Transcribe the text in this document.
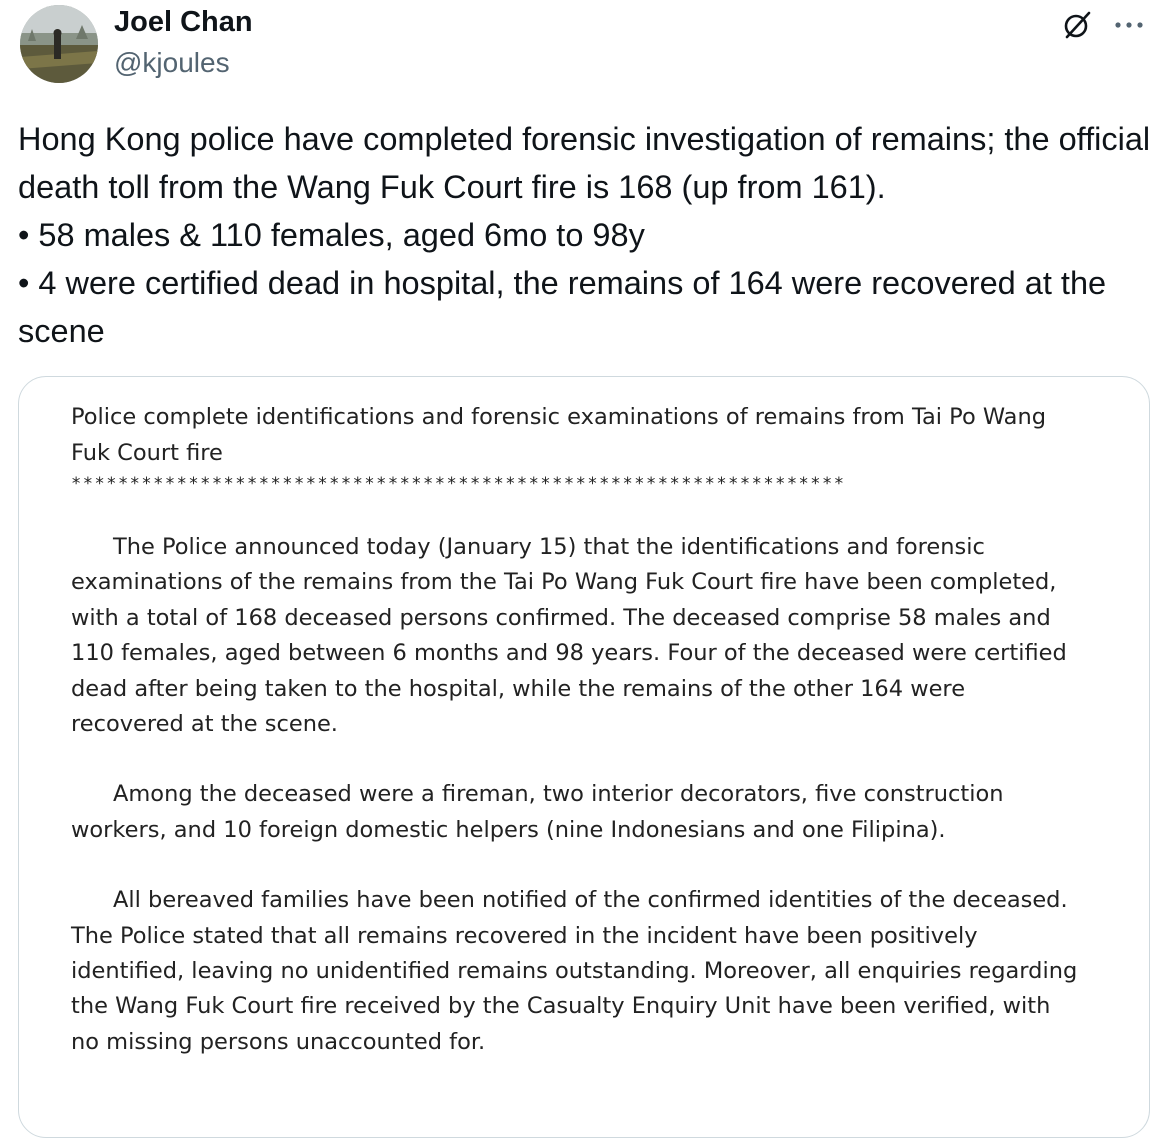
Joel Chan
@kjoules

Hong Kong police have completed forensic investigation of remains; the official death toll from the Wang Fuk Court fire is 168 (up from 161).

• 58 males & 110 females, aged 6mo to 98y

• 4 were certified dead in hospital, the remains of 164 were recovered at the scene

Police complete identifications and forensic examinations of remains from Tai Po Wang Fuk Court fire
******************************************************************

The Police announced today (January 15) that the identifications and forensic examinations of the remains from the Tai Po Wang Fuk Court fire have been completed, with a total of 168 deceased persons confirmed. The deceased comprise 58 males and 110 females, aged between 6 months and 98 years. Four of the deceased were certified dead after being taken to the hospital, while the remains of the other 164 were recovered at the scene.

Among the deceased were a fireman, two interior decorators, five construction workers, and 10 foreign domestic helpers (nine Indonesians and one Filipina).

All bereaved families have been notified of the confirmed identities of the deceased. The Police stated that all remains recovered in the incident have been positively identified, leaving no unidentified remains outstanding. Moreover, all enquiries regarding the Wang Fuk Court fire received by the Casualty Enquiry Unit have been verified, with no missing persons unaccounted for.
